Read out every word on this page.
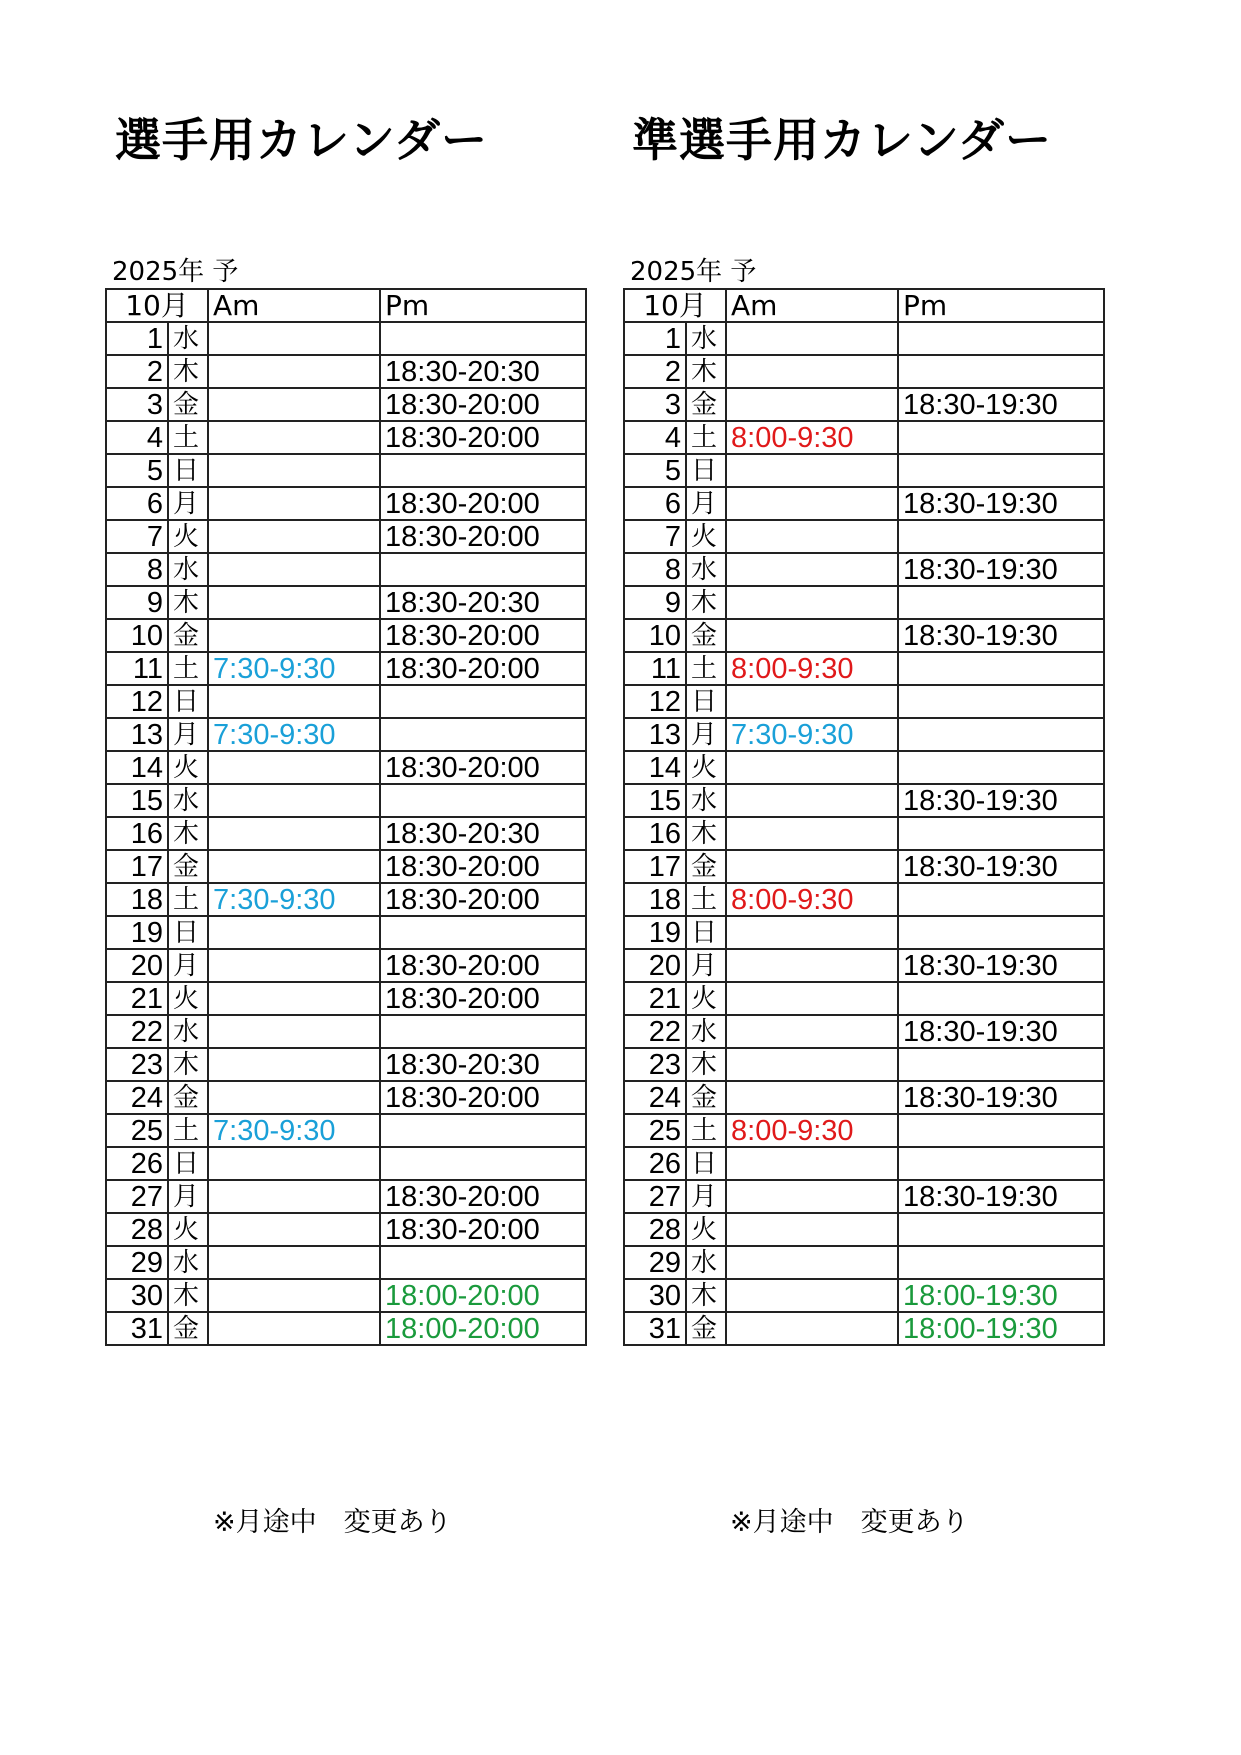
選手用カレンダー
2025年 予
10月		Am	Pm
1	水		
2	木		18:30-20:30
3	金		18:30-20:00
4	土		18:30-20:00
5	日		
6	月		18:30-20:00
7	火		18:30-20:00
8	水		
9	木		18:30-20:30
10	金		18:30-20:00
11	土	7:30-9:30	18:30-20:00
12	日		
13	月	7:30-9:30	
14	火		18:30-20:00
15	水		
16	木		18:30-20:30
17	金		18:30-20:00
18	土	7:30-9:30	18:30-20:00
19	日		
20	月		18:30-20:00
21	火		18:30-20:00
22	水		
23	木		18:30-20:30
24	金		18:30-20:00
25	土	7:30-9:30	
26	日		
27	月		18:30-20:00
28	火		18:30-20:00
29	水		
30	木		18:00-20:00
31	金		18:00-20:00
※月途中　変更あり
準選手用カレンダー
2025年 予
10月		Am	Pm
1	水		
2	木		
3	金		18:30-19:30
4	土	8:00-9:30	
5	日		
6	月		18:30-19:30
7	火		
8	水		18:30-19:30
9	木		
10	金		18:30-19:30
11	土	8:00-9:30	
12	日		
13	月	7:30-9:30	
14	火		
15	水		18:30-19:30
16	木		
17	金		18:30-19:30
18	土	8:00-9:30	
19	日		
20	月		18:30-19:30
21	火		
22	水		18:30-19:30
23	木		
24	金		18:30-19:30
25	土	8:00-9:30	
26	日		
27	月		18:30-19:30
28	火		
29	水		
30	木		18:00-19:30
31	金		18:00-19:30
※月途中　変更あり
